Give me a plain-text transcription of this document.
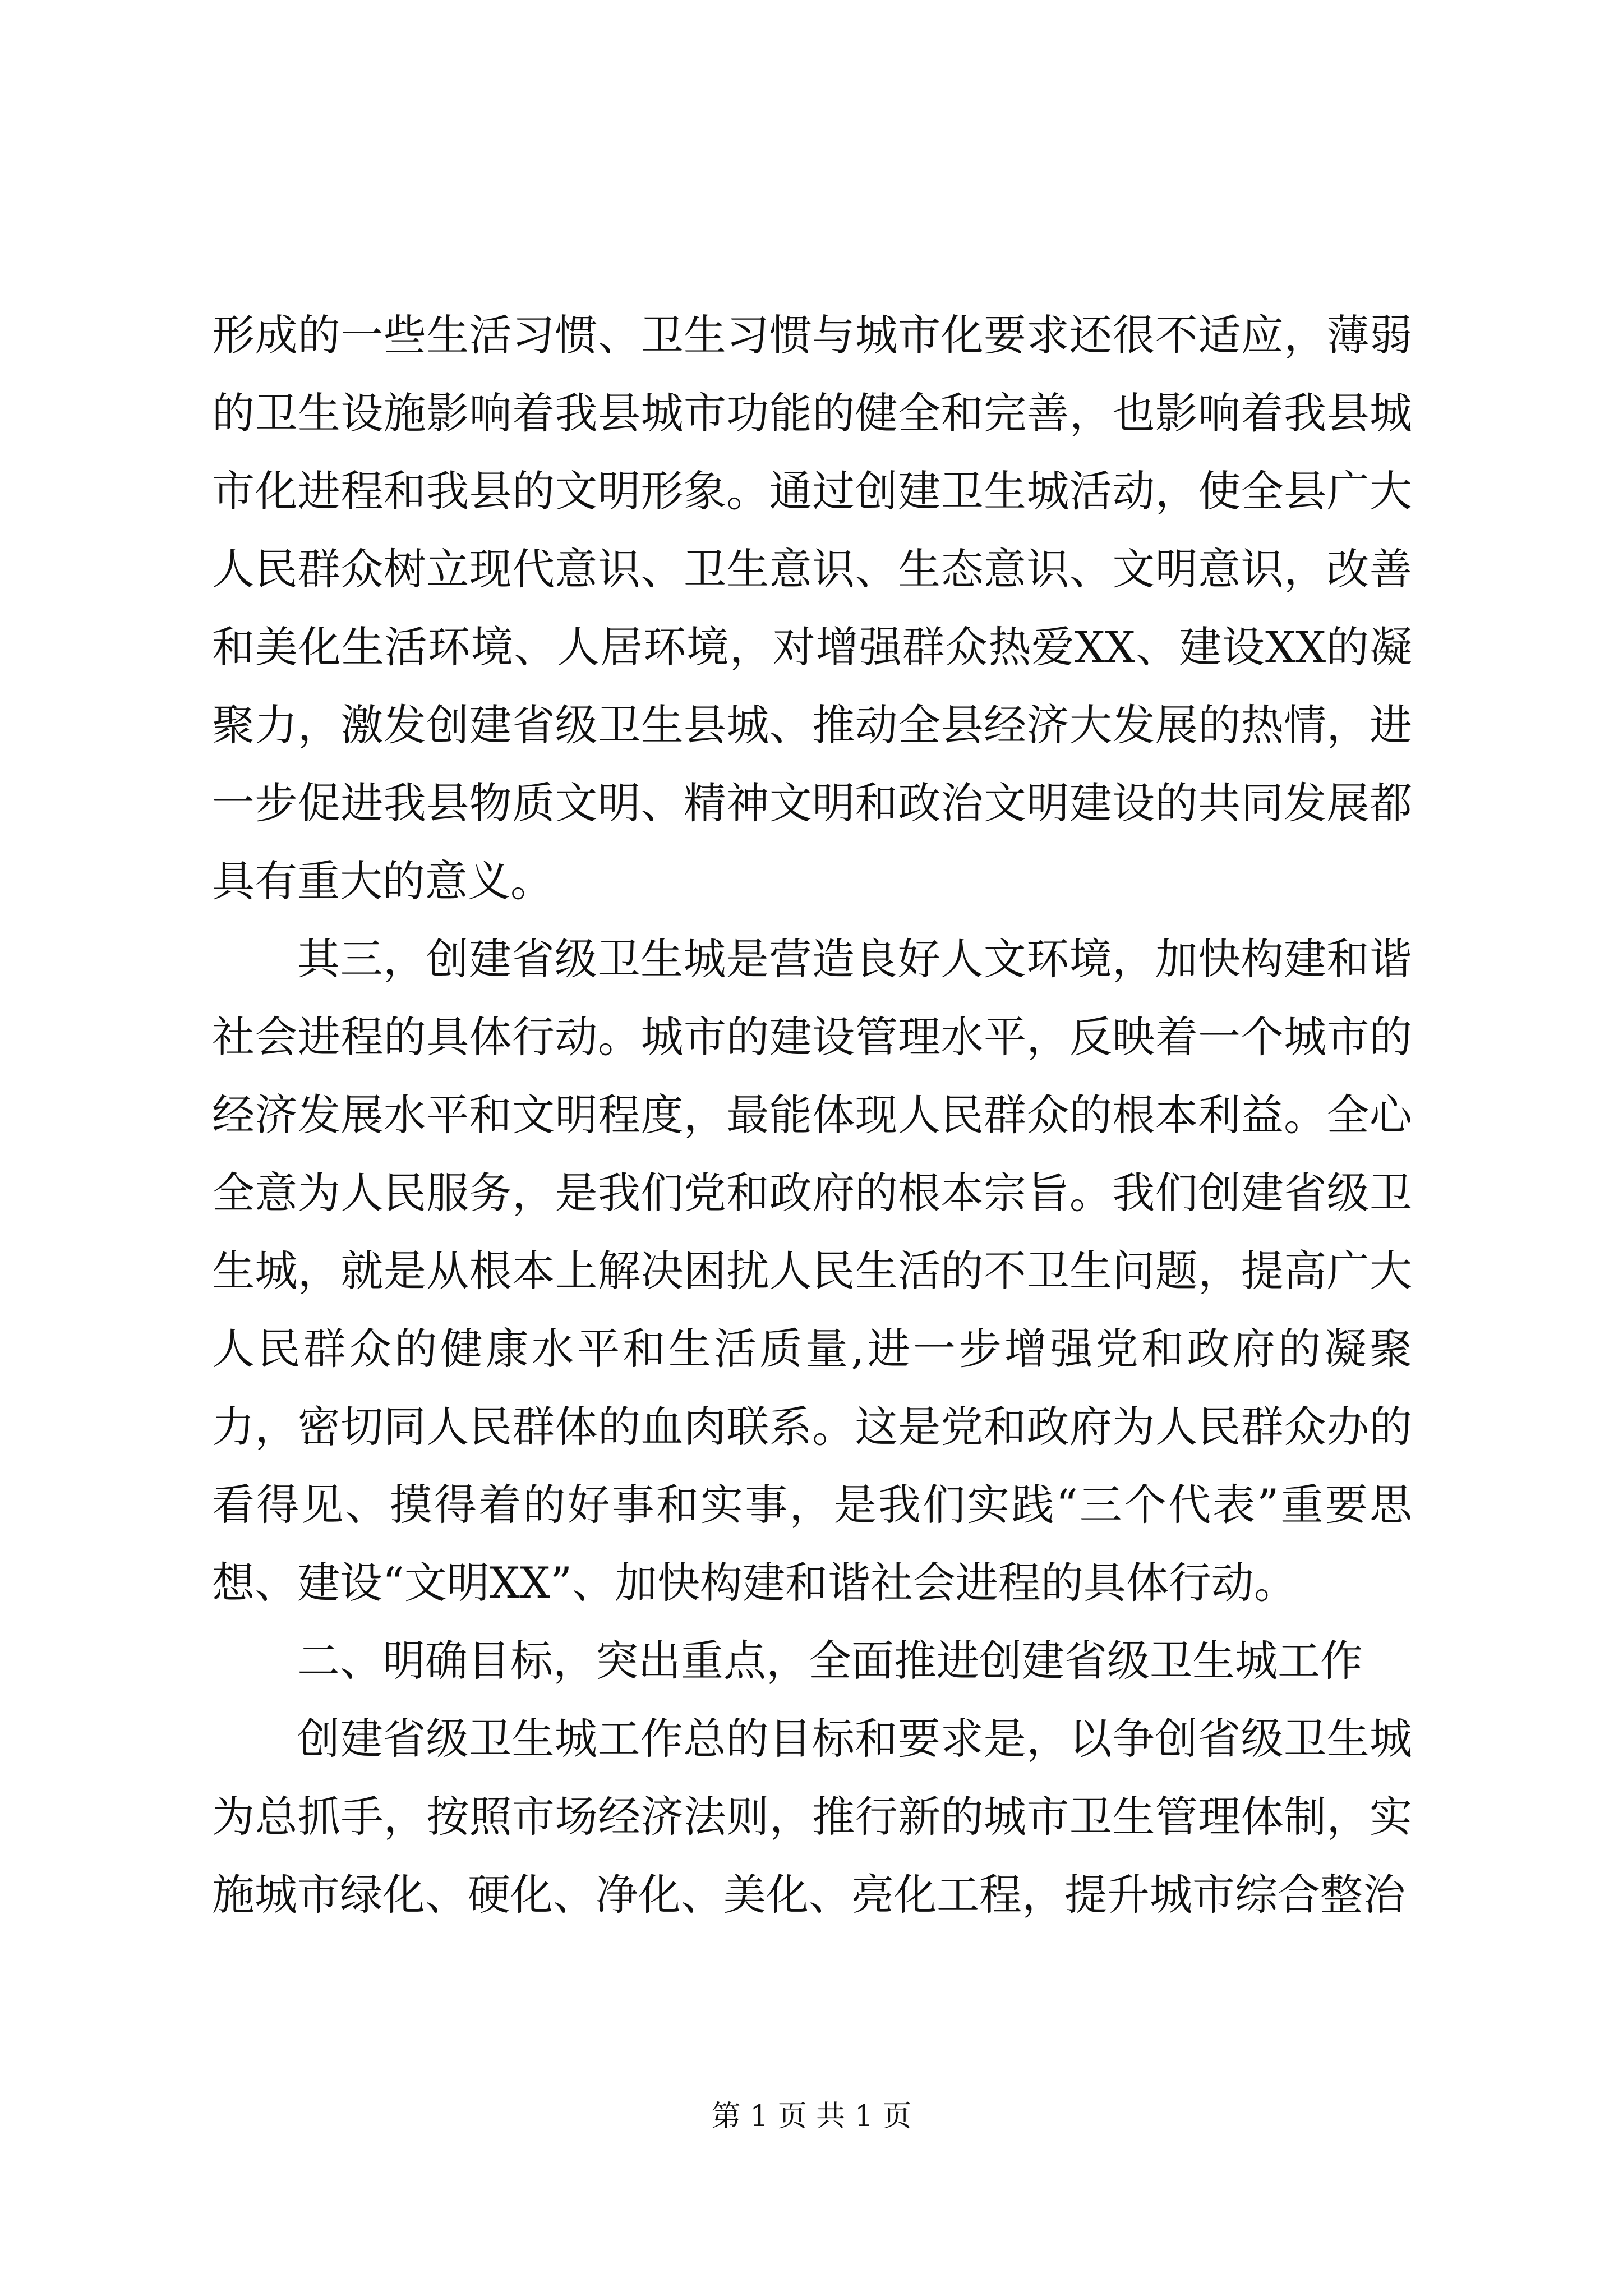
形成的一些生活习惯、卫生习惯与城市化要求还很不适应，薄弱的卫生设施影响着我县城市功能的健全和完善，也影响着我县城市化进程和我县的文明形象。通过创建卫生城活动，使全县广大人民群众树立现代意识、卫生意识、生态意识、文明意识，改善和美化生活环境、人居环境，对增强群众热爱XX、建设XX的凝聚力，激发创建省级卫生县城、推动全县经济大发展的热情，进一步促进我县物质文明、精神文明和政治文明建设的共同发展都具有重大的意义。

其三，创建省级卫生城是营造良好人文环境，加快构建和谐社会进程的具体行动。城市的建设管理水平，反映着一个城市的经济发展水平和文明程度，最能体现人民群众的根本利益。全心全意为人民服务，是我们党和政府的根本宗旨。我们创建省级卫生城，就是从根本上解决困扰人民生活的不卫生问题，提高广大人民群众的健康水平和生活质量,进一步增强党和政府的凝聚力，密切同人民群体的血肉联系。这是党和政府为人民群众办的看得见、摸得着的好事和实事，是我们实践“三个代表”重要思想、建设“文明XX”、加快构建和谐社会进程的具体行动。

二、明确目标，突出重点，全面推进创建省级卫生城工作

创建省级卫生城工作总的目标和要求是，以争创省级卫生城为总抓手，按照市场经济法则，推行新的城市卫生管理体制，实施城市绿化、硬化、净化、美化、亮化工程，提升城市综合整治

第 1 页 共 1 页
